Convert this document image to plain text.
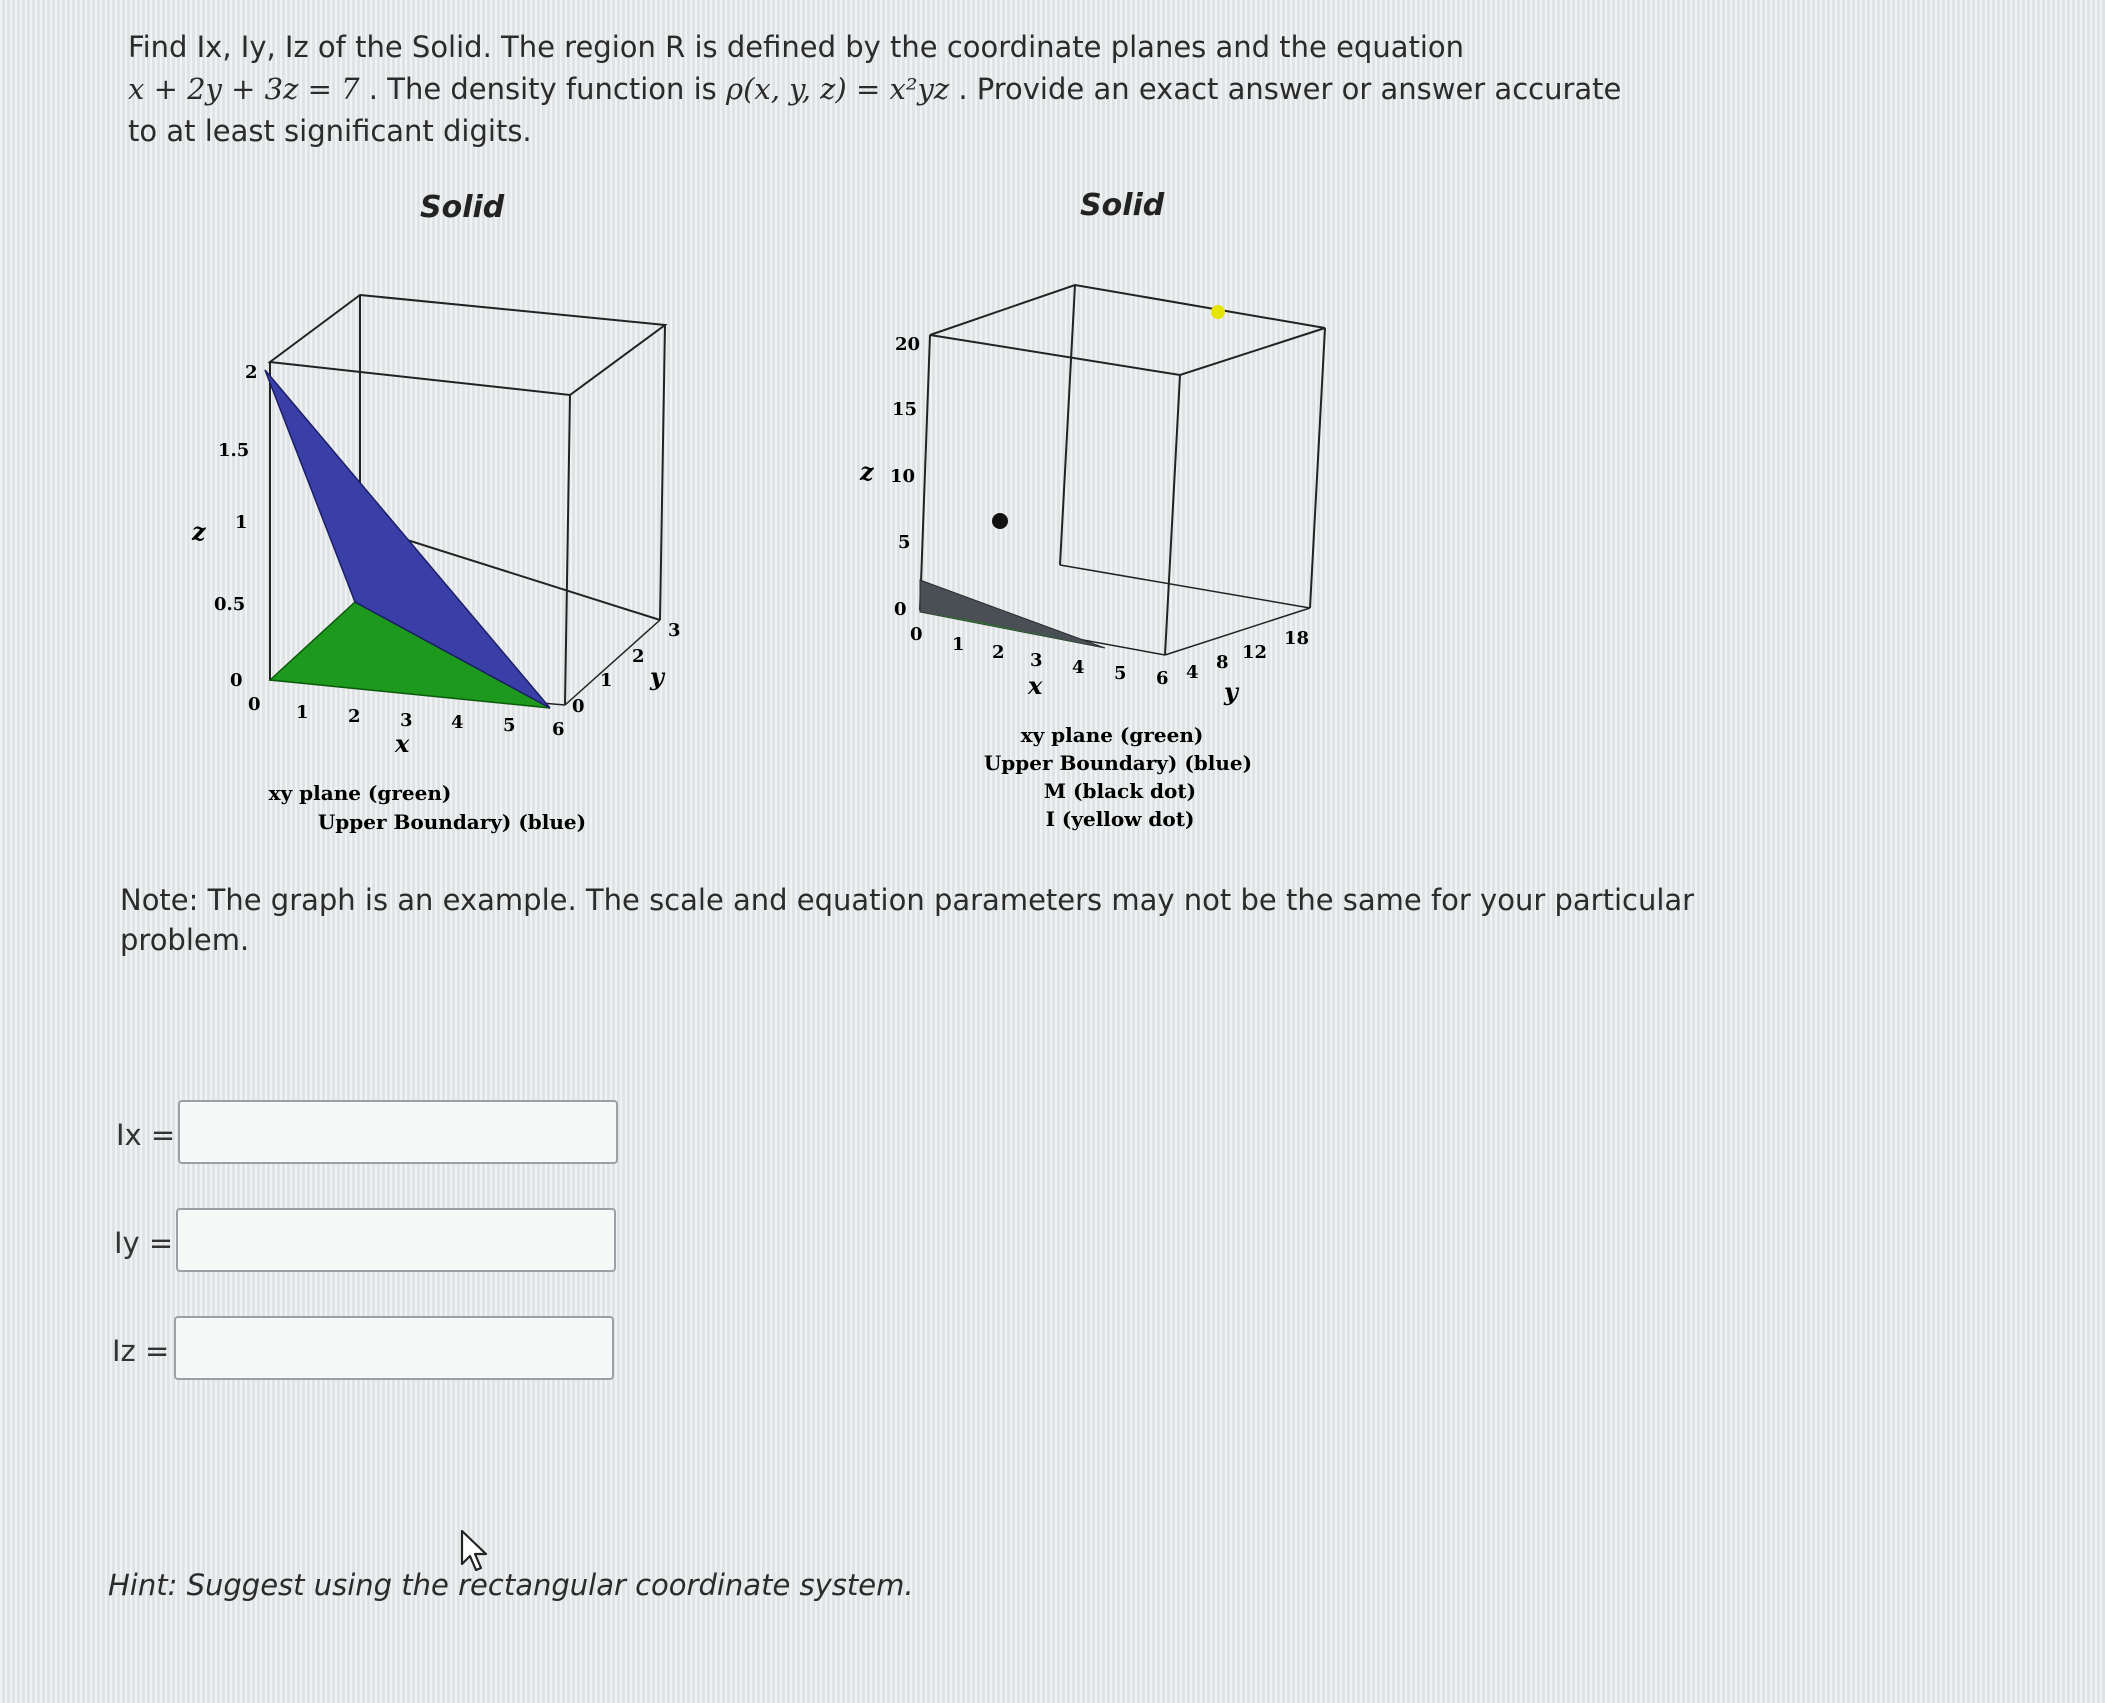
Find Ix, Iy, Iz of the Solid. The region R is defined by the coordinate planes and the equation
x + 2y + 3z = 7 . The density function is ρ(x, y, z) = x²yz . Provide an exact answer or answer accurate
to at least significant digits.
Solid
2
1.5
1
0.5
0
z
0 1 2 3 4 5 6
x
0
1
2
3
y
xy plane (green)
Upper Boundary) (blue)
Solid
20
15
10
5
0
z
0 1 2 3 4 5 6
x	4 8 12
18
y
xy plane (green)
Upper Boundary) (blue)
M (black dot)
I (yellow dot)
Note: The graph is an example. The scale and equation parameters may not be the same for your particular problem.
Ix =
Iy =
Iz =
Hint: Suggest using the rectangular coordinate system.
